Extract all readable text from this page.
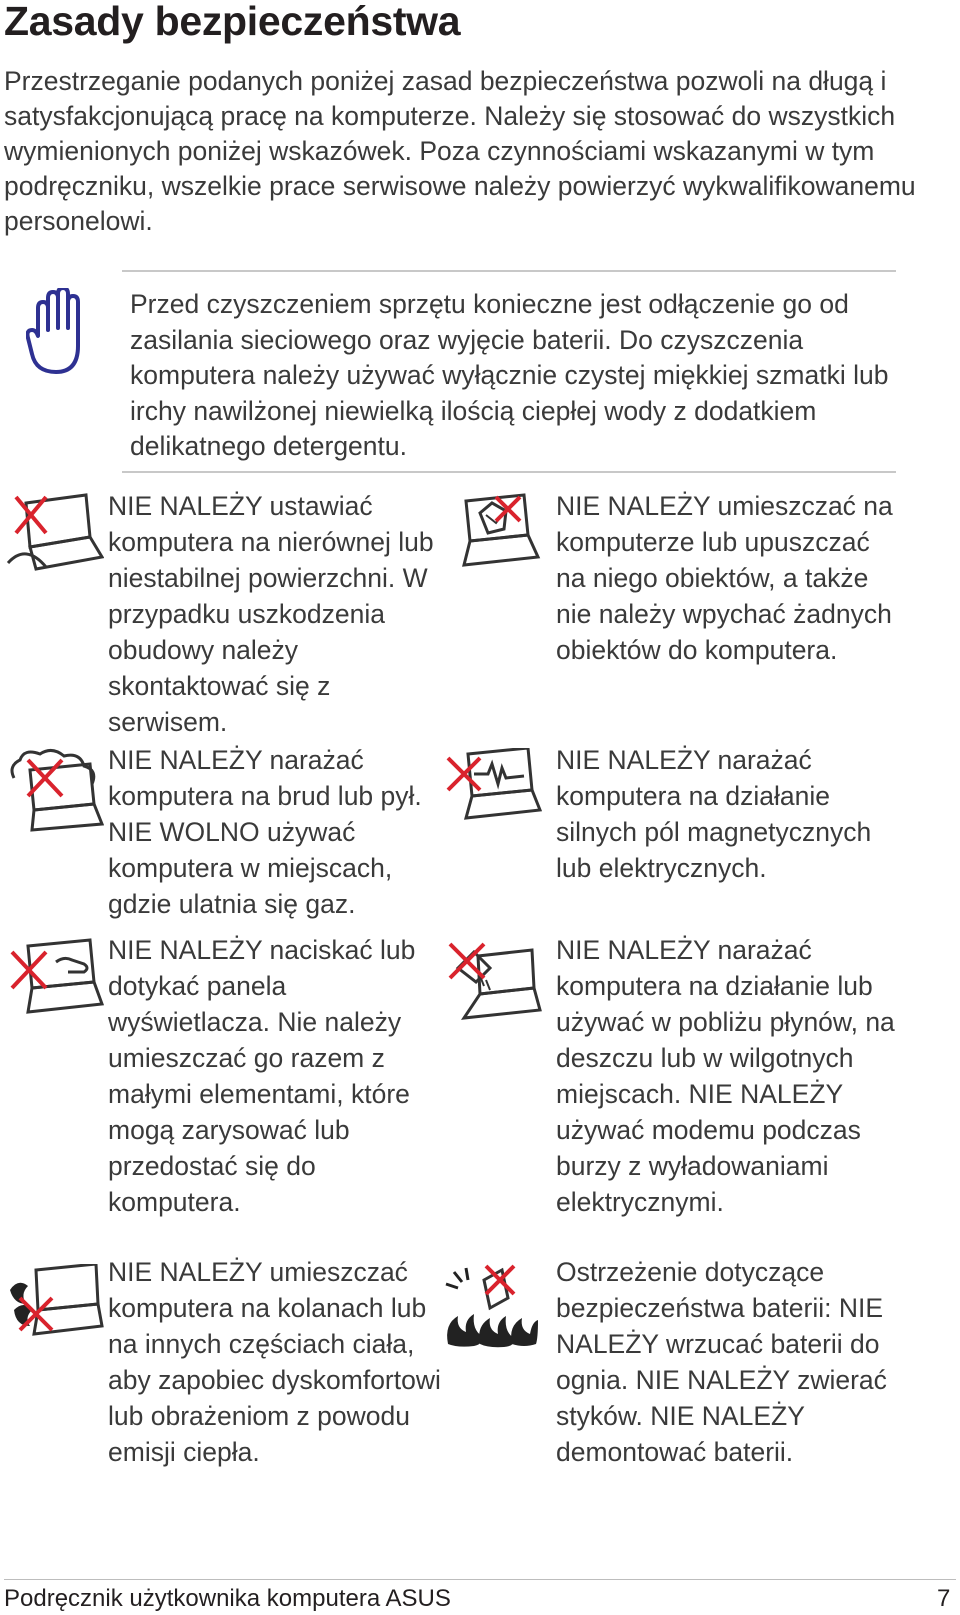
Zasady bezpieczeństwa

Przestrzeganie podanych poniżej zasad bezpieczeństwa pozwoli na długą i satysfakcjonującą pracę na komputerze. Należy się stosować do wszystkich wymienionych poniżej wskazówek. Poza czynnościami wskazanymi w tym podręczniku, wszelkie prace serwisowe należy powierzyć wykwalifikowanemu personelowi.

Przed czyszczeniem sprzętu konieczne jest odłączenie go od zasilania sieciowego oraz wyjęcie baterii. Do czyszczenia komputera należy używać wyłącznie czystej miękkiej szmatki lub irchy nawilżonej niewielką ilością ciepłej wody z dodatkiem delikatnego detergentu.

NIE NALEŻY ustawiać komputera na nierównej lub niestabilnej powierzchni. W przypadku uszkodzenia obudowy należy skontaktować się z serwisem.

NIE NALEŻY narażać komputera na brud lub pył. NIE WOLNO używać komputera w miejscach, gdzie ulatnia się gaz.

NIE NALEŻY naciskać lub dotykać panela wyświetlacza. Nie należy umieszczać go razem z małymi elementami, które mogą zarysować lub przedostać się do komputera.

NIE NALEŻY umieszczać komputera na kolanach lub na innych częściach ciała, aby zapobiec dyskomfortowi lub obrażeniom z powodu emisji ciepła.

NIE NALEŻY umieszczać na komputerze lub upuszczać na niego obiektów, a także nie należy wpychać żadnych obiektów do komputera.

NIE NALEŻY narażać komputera na działanie silnych pól magnetycznych lub elektrycznych.

NIE NALEŻY narażać komputera na działanie lub używać w pobliżu płynów, na deszczu lub w wilgotnych miejscach. NIE NALEŻY używać modemu podczas burzy z wyładowaniami elektrycznymi.

Ostrzeżenie dotyczące bezpieczeństwa baterii: NIE NALEŻY wrzucać baterii do ognia. NIE NALEŻY zwierać styków. NIE NALEŻY demontować baterii.

Podręcznik użytkownika komputera ASUS	7
